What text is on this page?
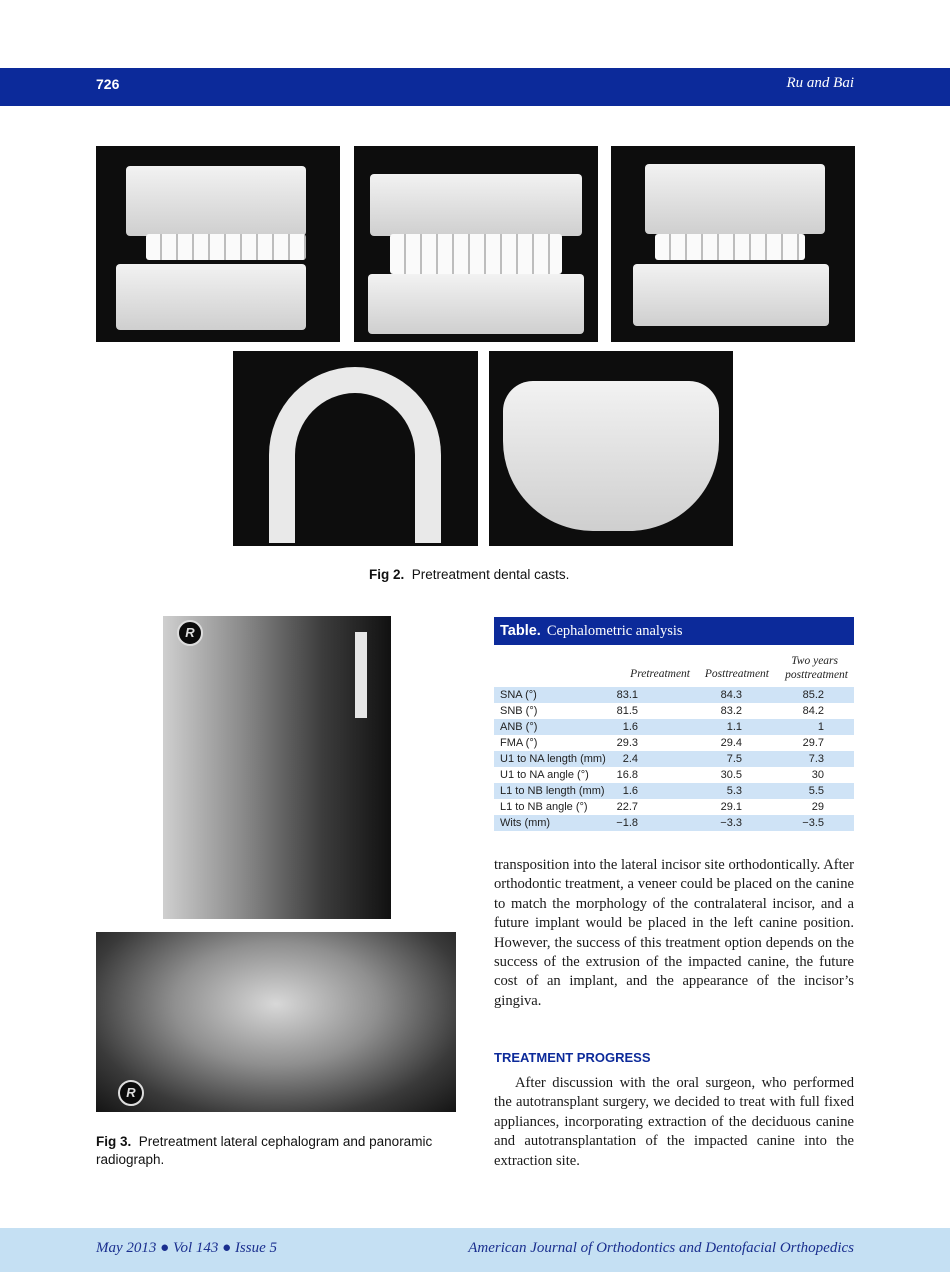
726	Ru and Bai
Fig 2. Pretreatment dental casts.
R
R
Fig 3. Pretreatment lateral cephalogram and panoramic radiograph.
Table. Cephalometric analysis
Pretreatment Posttreatment
Two years
posttreatment
SNA (°)	83.1	84.3	85.2
SNB (°)	81.5	83.2	84.2
ANB (°)	1.6	1.1	1
FMA (°)	29.3	29.4	29.7
U1 to NA length (mm) 2.4	7.5	7.3
U1 to NA angle (°)	16.8	30.5	30
L1 to NB length (mm) 1.6	5.3	5.5
L1 to NB angle (°)	22.7	29.1	29
Wits (mm)	−1.8	−3.3	−3.5
transposition into the lateral incisor site orthodontically. After orthodontic treatment, a veneer could be placed on the canine to match the morphology of the contralateral incisor, and a future implant would be placed in the left canine position. However, the success of this treatment option depends on the success of the extrusion of the impacted canine, the future cost of an implant, and the appearance of the incisor’s gingiva.
TREATMENT PROGRESS
After discussion with the oral surgeon, who performed the autotransplant surgery, we decided to treat with full fixed appliances, incorporating extraction of the deciduous canine and autotransplantation of the impacted canine into the extraction site.
May 2013 ● Vol 143 ● Issue 5	American Journal of Orthodontics and Dentofacial Orthopedics
